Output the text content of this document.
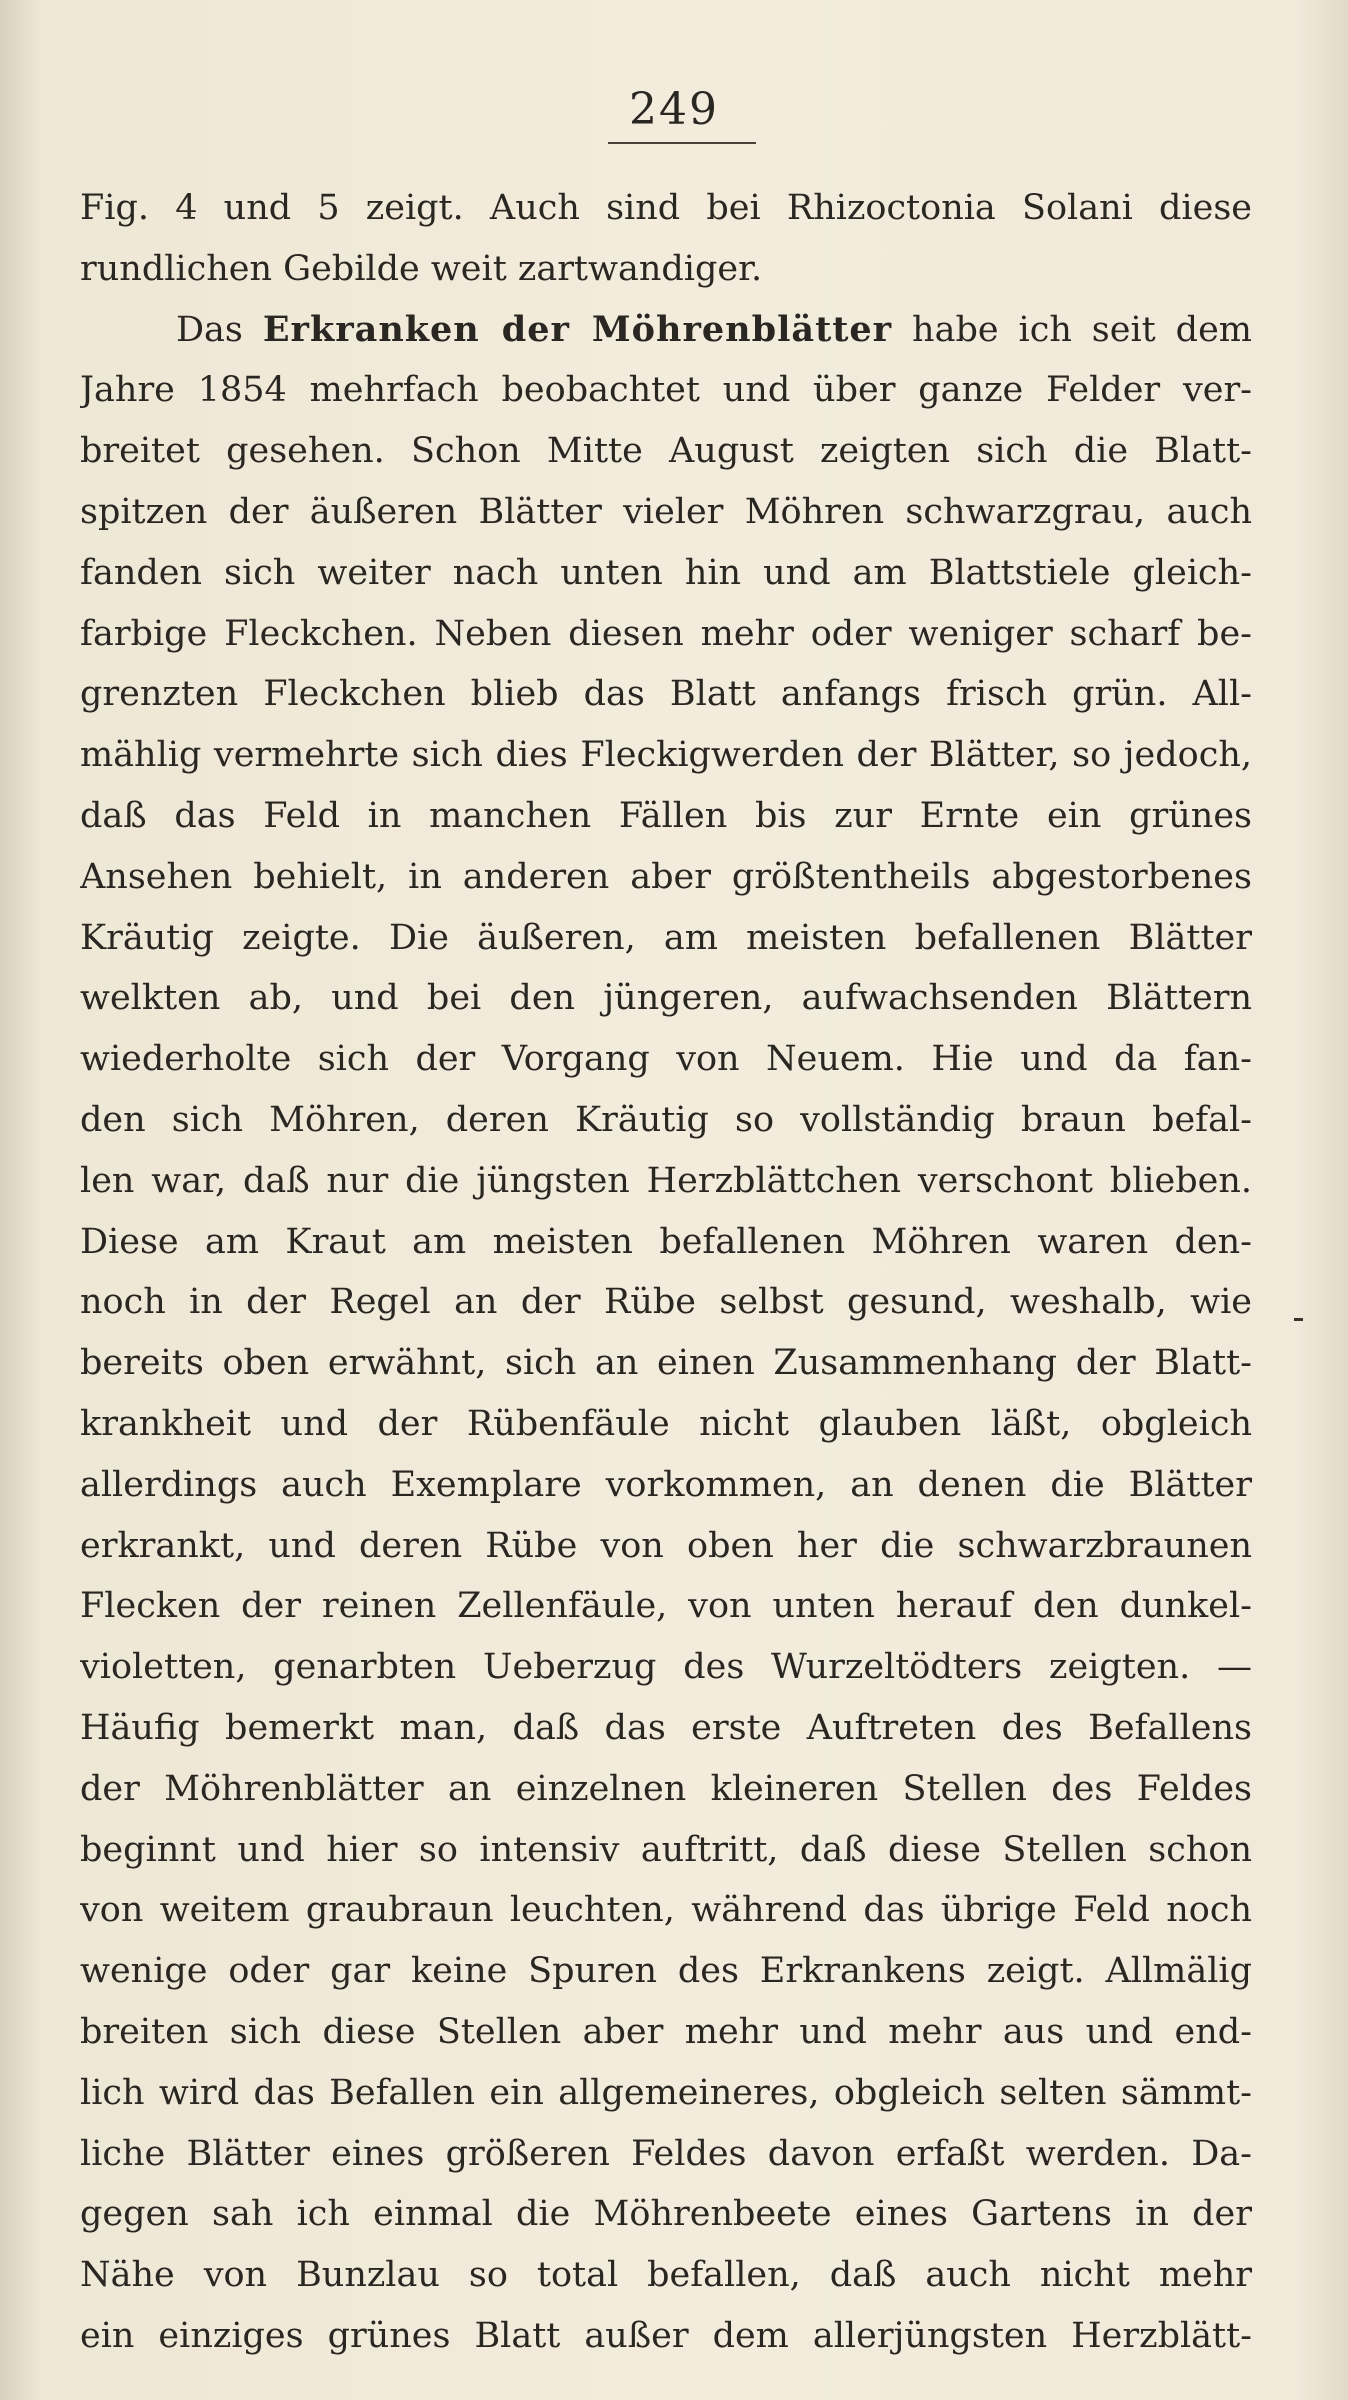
249
Fig. 4 und 5 zeigt. Auch sind bei Rhizoctonia Solani diese
rundlichen Gebilde weit zartwandiger.
Das Erkranken der Möhrenblätter habe ich seit dem
Jahre 1854 mehrfach beobachtet und über ganze Felder ver-
breitet gesehen. Schon Mitte August zeigten sich die Blatt-
spitzen der äußeren Blätter vieler Möhren schwarzgrau, auch
fanden sich weiter nach unten hin und am Blattstiele gleich-
farbige Fleckchen. Neben diesen mehr oder weniger scharf be-
grenzten Fleckchen blieb das Blatt anfangs frisch grün. All-
mählig vermehrte sich dies Fleckigwerden der Blätter, so jedoch,
daß das Feld in manchen Fällen bis zur Ernte ein grünes
Ansehen behielt, in anderen aber größtentheils abgestorbenes
Kräutig zeigte. Die äußeren, am meisten befallenen Blätter
welkten ab, und bei den jüngeren, aufwachsenden Blättern
wiederholte sich der Vorgang von Neuem. Hie und da fan-
den sich Möhren, deren Kräutig so vollständig braun befal-
len war, daß nur die jüngsten Herzblättchen verschont blieben.
Diese am Kraut am meisten befallenen Möhren waren den-
noch in der Regel an der Rübe selbst gesund, weshalb, wie
bereits oben erwähnt, sich an einen Zusammenhang der Blatt-
krankheit und der Rübenfäule nicht glauben läßt, obgleich
allerdings auch Exemplare vorkommen, an denen die Blätter
erkrankt, und deren Rübe von oben her die schwarzbraunen
Flecken der reinen Zellenfäule, von unten herauf den dunkel-
violetten, genarbten Ueberzug des Wurzeltödters zeigten. —
Häufig bemerkt man, daß das erste Auftreten des Befallens
der Möhrenblätter an einzelnen kleineren Stellen des Feldes
beginnt und hier so intensiv auftritt, daß diese Stellen schon
von weitem graubraun leuchten, während das übrige Feld noch
wenige oder gar keine Spuren des Erkrankens zeigt. Allmälig
breiten sich diese Stellen aber mehr und mehr aus und end-
lich wird das Befallen ein allgemeineres, obgleich selten sämmt-
liche Blätter eines größeren Feldes davon erfaßt werden. Da-
gegen sah ich einmal die Möhrenbeete eines Gartens in der
Nähe von Bunzlau so total befallen, daß auch nicht mehr
ein einziges grünes Blatt außer dem allerjüngsten Herzblätt-
